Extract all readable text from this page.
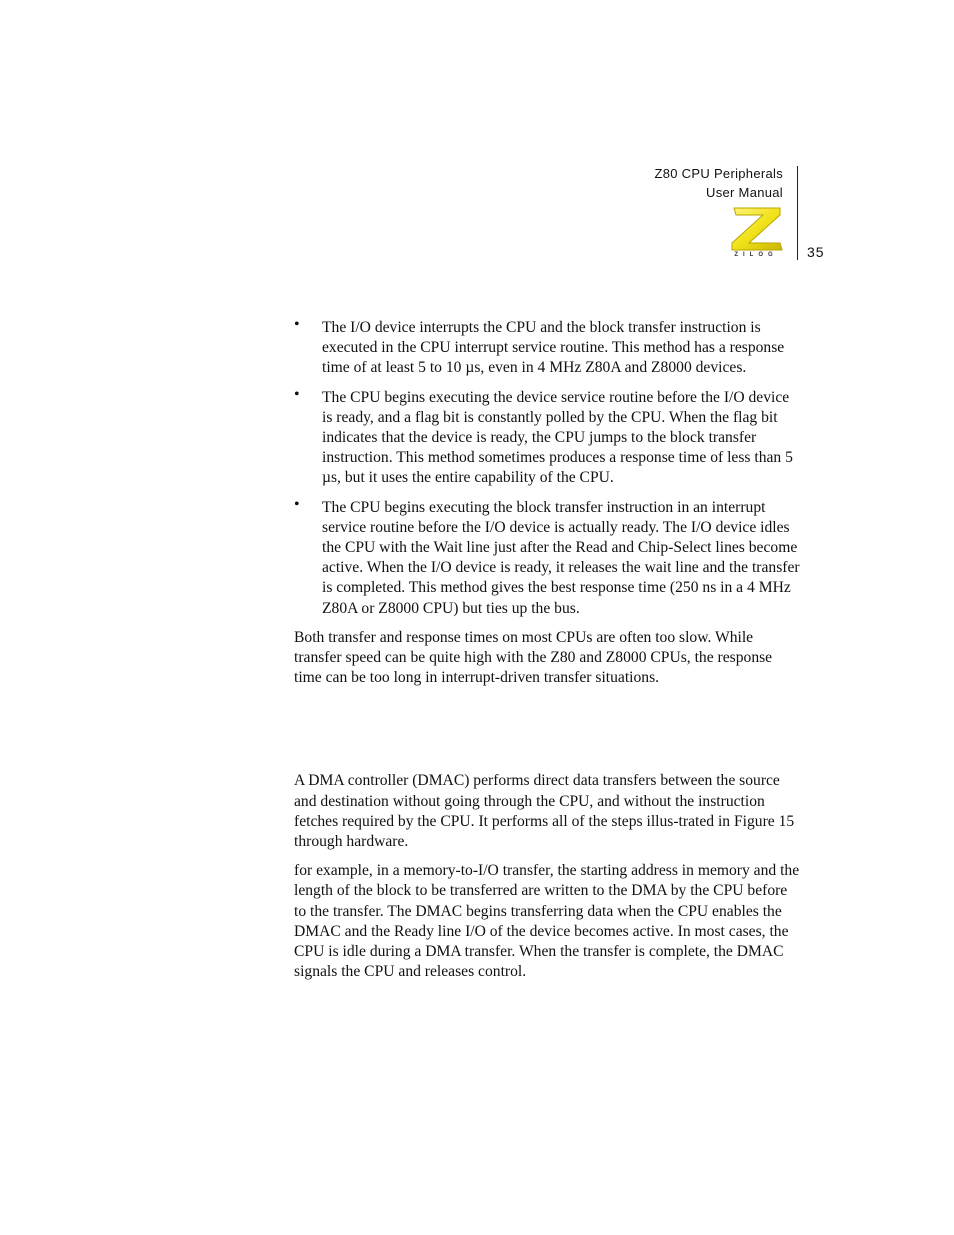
Z80 CPU Peripherals
User Manual
ZILOG	35
• The I/O device interrupts the CPU and the block transfer instruction is executed in the CPU interrupt service routine. This method has a response time of at least 5 to 10 µs, even in 4 MHz Z80A and Z8000 devices.
• The CPU begins executing the device service routine before the I/O device is ready, and a flag bit is constantly polled by the CPU. When the flag bit indicates that the device is ready, the CPU jumps to the block transfer instruction. This method sometimes produces a response time of less than 5 µs, but it uses the entire capability of the CPU.
• The CPU begins executing the block transfer instruction in an interrupt service routine before the I/O device is actually ready. The I/O device idles the CPU with the Wait line just after the Read and Chip-Select lines become active. When the I/O device is ready, it releases the wait line and the transfer is completed. This method gives the best response time (250 ns in a 4 MHz Z80A or Z8000 CPU) but ties up the bus.

Both transfer and response times on most CPUs are often too slow. While transfer speed can be quite high with the Z80 and Z8000 CPUs, the response time can be too long in interrupt-driven transfer situations.

A DMA controller (DMAC) performs direct data transfers between the source and destination without going through the CPU, and without the instruction fetches required by the CPU. It performs all of the steps illus-trated in Figure 15 through hardware.

for example, in a memory-to-I/O transfer, the starting address in memory and the length of the block to be transferred are written to the DMA by the CPU before to the transfer. The DMAC begins transferring data when the CPU enables the DMAC and the Ready line I/O of the device becomes active. In most cases, the CPU is idle during a DMA transfer. When the transfer is complete, the DMAC signals the CPU and releases control.
